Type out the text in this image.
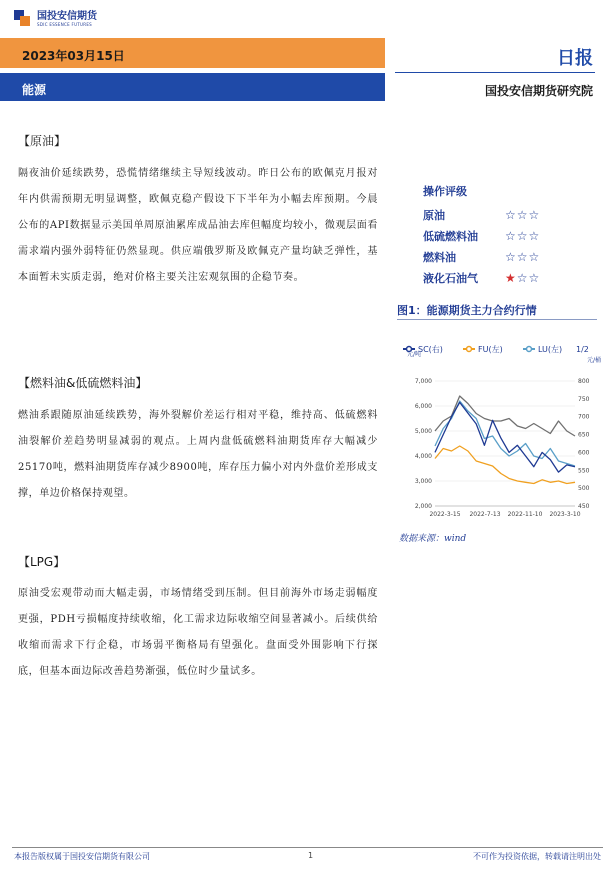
国投安信期货
SDIC ESSENCE FUTURES
2023年03月15日
能源
日报
国投安信期货研究院
【原油】
隔夜油价延续跌势，恐慌情绪继续主导短线波动。昨日公布的欧佩克月报对年内供需预期无明显调整，欧佩克稳产假设下下半年为小幅去库预期。今晨公布的API数据显示美国单周原油累库成品油去库但幅度均较小，微观层面看需求端内强外弱特征仍然显现。供应端俄罗斯及欧佩克产量均缺乏弹性，基本面暂未实质走弱，绝对价格主要关注宏观氛围的企稳节奏。
【燃料油&低硫燃料油】
燃油系跟随原油延续跌势，海外裂解价差运行相对平稳，维持高、低硫燃料油裂解价差趋势明显减弱的观点。上周内盘低硫燃料油期货库存大幅减少25170吨，燃料油期货库存减少8900吨，库存压力偏小对内外盘价差形成支撑，单边价格保持观望。
【LPG】
原油受宏观带动而大幅走弱，市场情绪受到压制。但目前海外市场走弱幅度更强，PDH亏损幅度持续收缩，化工需求边际收缩空间显著减小。后续供给收缩而需求下行企稳，市场弱平衡格局有望强化。盘面受外围影响下行探底，但基本面边际改善趋势渐强，低位时少量试多。
操作评级
原油	☆☆☆
低硫燃料油	☆☆☆
燃料油	☆☆☆
液化石油气	★☆☆
图1：能源期货主力合约行情
SC(右)	FU(左)	LU(左) 1/2
元/吨
元/桶
7,000
6,000
5,000
4,000
3,000
2,000
800
750
700
650
600
550
500
450
2022-3-15 2022-7-13 2022-11-10 2023-3-10
数据来源：wind
本报告版权属于国投安信期货有限公司	1	不可作为投资依据，转载请注明出处
